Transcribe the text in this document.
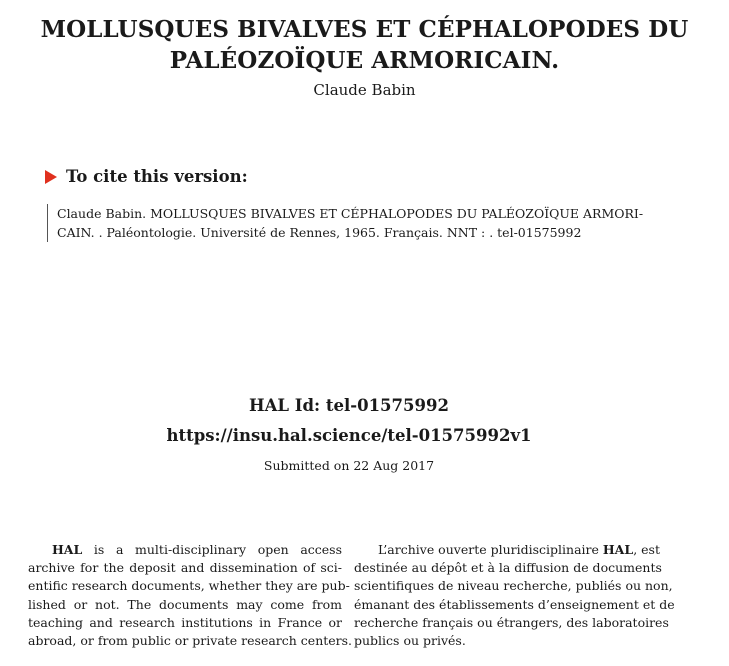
MOLLUSQUES BIVALVES ET CÉPHALOPODES DU
PALÉOZOÏQUE ARMORICAIN.
Claude Babin
To cite this version:
Claude Babin. MOLLUSQUES BIVALVES ET CÉPHALOPODES DU PALÉOZOÏQUE ARMORI-
CAIN. . Paléontologie. Université de Rennes, 1965. Français. NNT : . tel-01575992
HAL Id: tel-01575992
https://insu.hal.science/tel-01575992v1
Submitted on 22 Aug 2017
HAL is a multi-disciplinary open access
archive for the deposit and dissemination of sci-
entific research documents, whether they are pub-
lished or not. The documents may come from
teaching and research institutions in France or
abroad, or from public or private research centers.
L’archive ouverte pluridisciplinaire HAL, est
destinée au dépôt et à la diffusion de documents
scientifiques de niveau recherche, publiés ou non,
émanant des établissements d’enseignement et de
recherche français ou étrangers, des laboratoires
publics ou privés.
